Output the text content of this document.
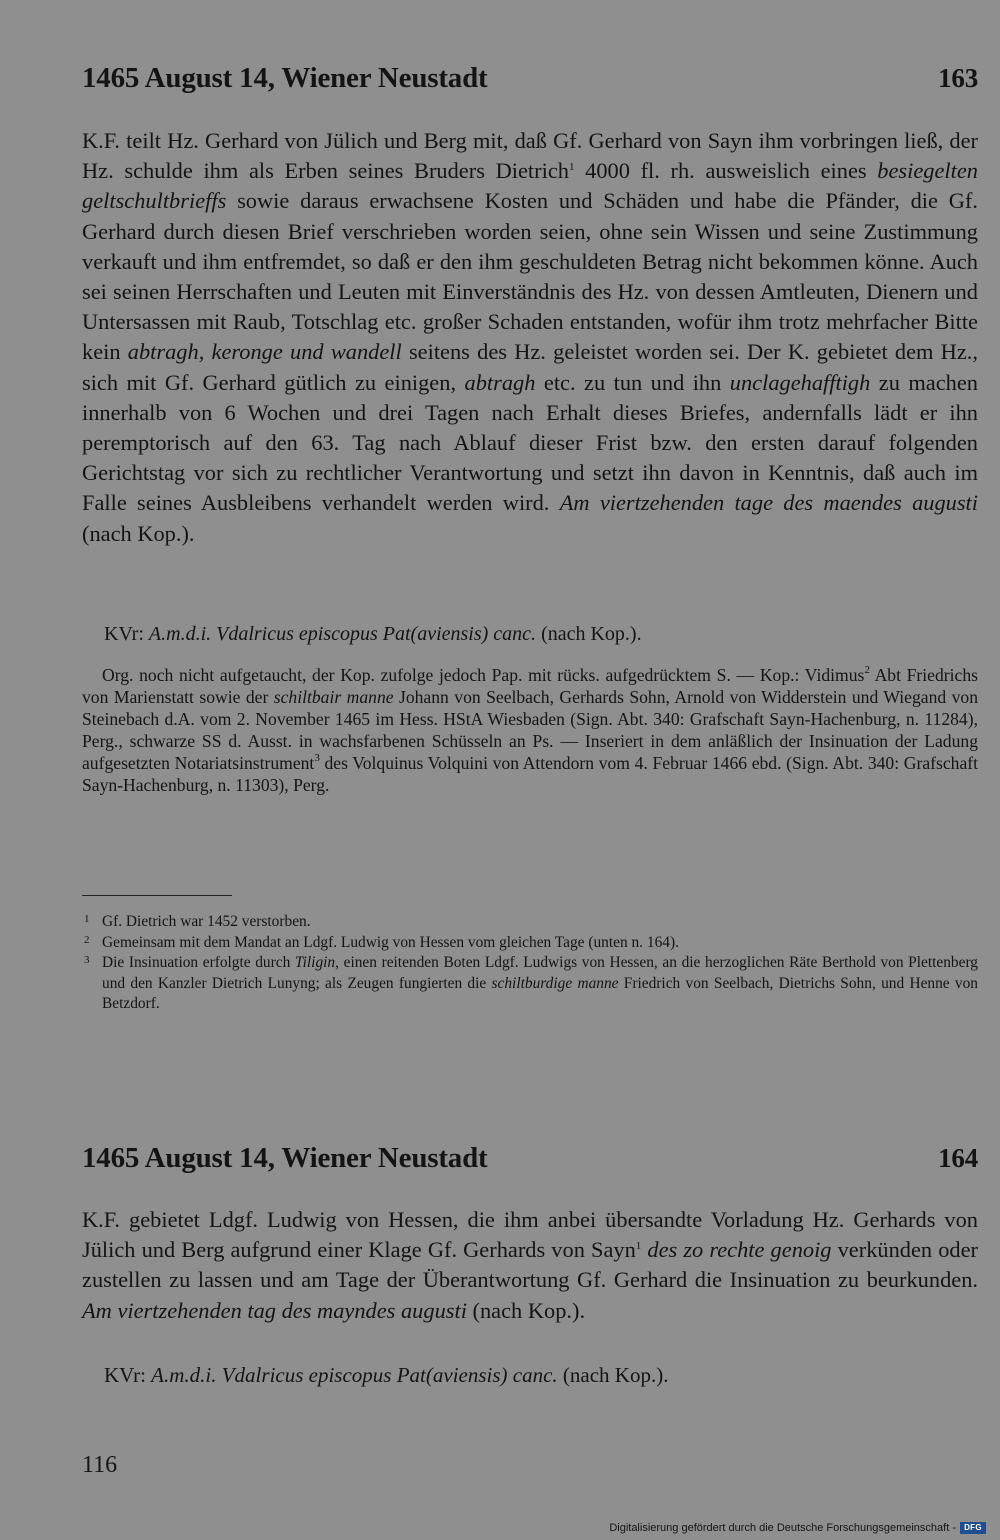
1465 August 14, Wiener Neustadt	163
K.F. teilt Hz. Gerhard von Jülich und Berg mit, daß Gf. Gerhard von Sayn ihm vorbringen ließ, der Hz. schulde ihm als Erben seines Bruders Dietrich$^1$ 4000 fl. rh. ausweislich eines besiegelten geltschultbrieffs sowie daraus erwachsene Kosten und Schäden und habe die Pfänder, die Gf. Gerhard durch diesen Brief verschrieben worden seien, ohne sein Wissen und seine Zustimmung verkauft und ihm entfremdet, so daß er den ihm geschuldeten Betrag nicht bekommen könne. Auch sei seinen Herrschaften und Leuten mit Einverständnis des Hz. von dessen Amtleuten, Dienern und Untersassen mit Raub, Totschlag etc. großer Schaden entstanden, wofür ihm trotz mehrfacher Bitte kein abtragh, keronge und wandell seitens des Hz. geleistet worden sei. Der K. gebietet dem Hz., sich mit Gf. Gerhard gütlich zu einigen, abtragh etc. zu tun und ihn unclagehafftigh zu machen innerhalb von 6 Wochen und drei Tagen nach Erhalt dieses Briefes, andernfalls lädt er ihn peremptorisch auf den 63. Tag nach Ablauf dieser Frist bzw. den ersten darauf folgenden Gerichtstag vor sich zu rechtlicher Verantwortung und setzt ihn davon in Kenntnis, daß auch im Falle seines Ausbleibens verhandelt werden wird. Am viertzehenden tage des maendes augusti (nach Kop.).
KVr: A.m.d.i. Vdalricus episcopus Pat(aviensis) canc. (nach Kop.).
Org. noch nicht aufgetaucht, der Kop. zufolge jedoch Pap. mit rücks. aufgedrücktem S. — Kop.: Vidimus$^2$ Abt Friedrichs von Marienstatt sowie der schiltbair manne Johann von Seelbach, Gerhards Sohn, Arnold von Widderstein und Wiegand von Steinebach d.A. vom 2. November 1465 im Hess. HStA Wiesbaden (Sign. Abt. 340: Grafschaft Sayn-Hachenburg, n. 11284), Perg., schwarze SS d. Ausst. in wachsfarbenen Schüsseln an Ps. — Inseriert in dem anläßlich der Insinuation der Ladung aufgesetzten Notariatsinstrument$^3$ des Volquinus Volquini von Attendorn vom 4. Februar 1466 ebd. (Sign. Abt. 340: Grafschaft Sayn-Hachenburg, n. 11303), Perg.
1 Gf. Dietrich war 1452 verstorben.
2 Gemeinsam mit dem Mandat an Ldgf. Ludwig von Hessen vom gleichen Tage (unten n. 164).
3 Die Insinuation erfolgte durch Tiligin, einen reitenden Boten Ldgf. Ludwigs von Hessen, an die herzoglichen Räte Berthold von Plettenberg und den Kanzler Dietrich Lunyng; als Zeugen fungierten die schiltburdige manne Friedrich von Seelbach, Dietrichs Sohn, und Henne von Betzdorf.
1465 August 14, Wiener Neustadt	164
K.F. gebietet Ldgf. Ludwig von Hessen, die ihm anbei übersandte Vorladung Hz. Gerhards von Jülich und Berg aufgrund einer Klage Gf. Gerhards von Sayn$^1$ des zo rechte genoig verkünden oder zustellen zu lassen und am Tage der Überantwortung Gf. Gerhard die Insinuation zu beurkunden. Am viertzehenden tag des mayndes augusti (nach Kop.).
KVr: A.m.d.i. Vdalricus episcopus Pat(aviensis) canc. (nach Kop.).
116
Digitalisierung gefördert durch die Deutsche Forschungsgemeinschaft -	DFG
